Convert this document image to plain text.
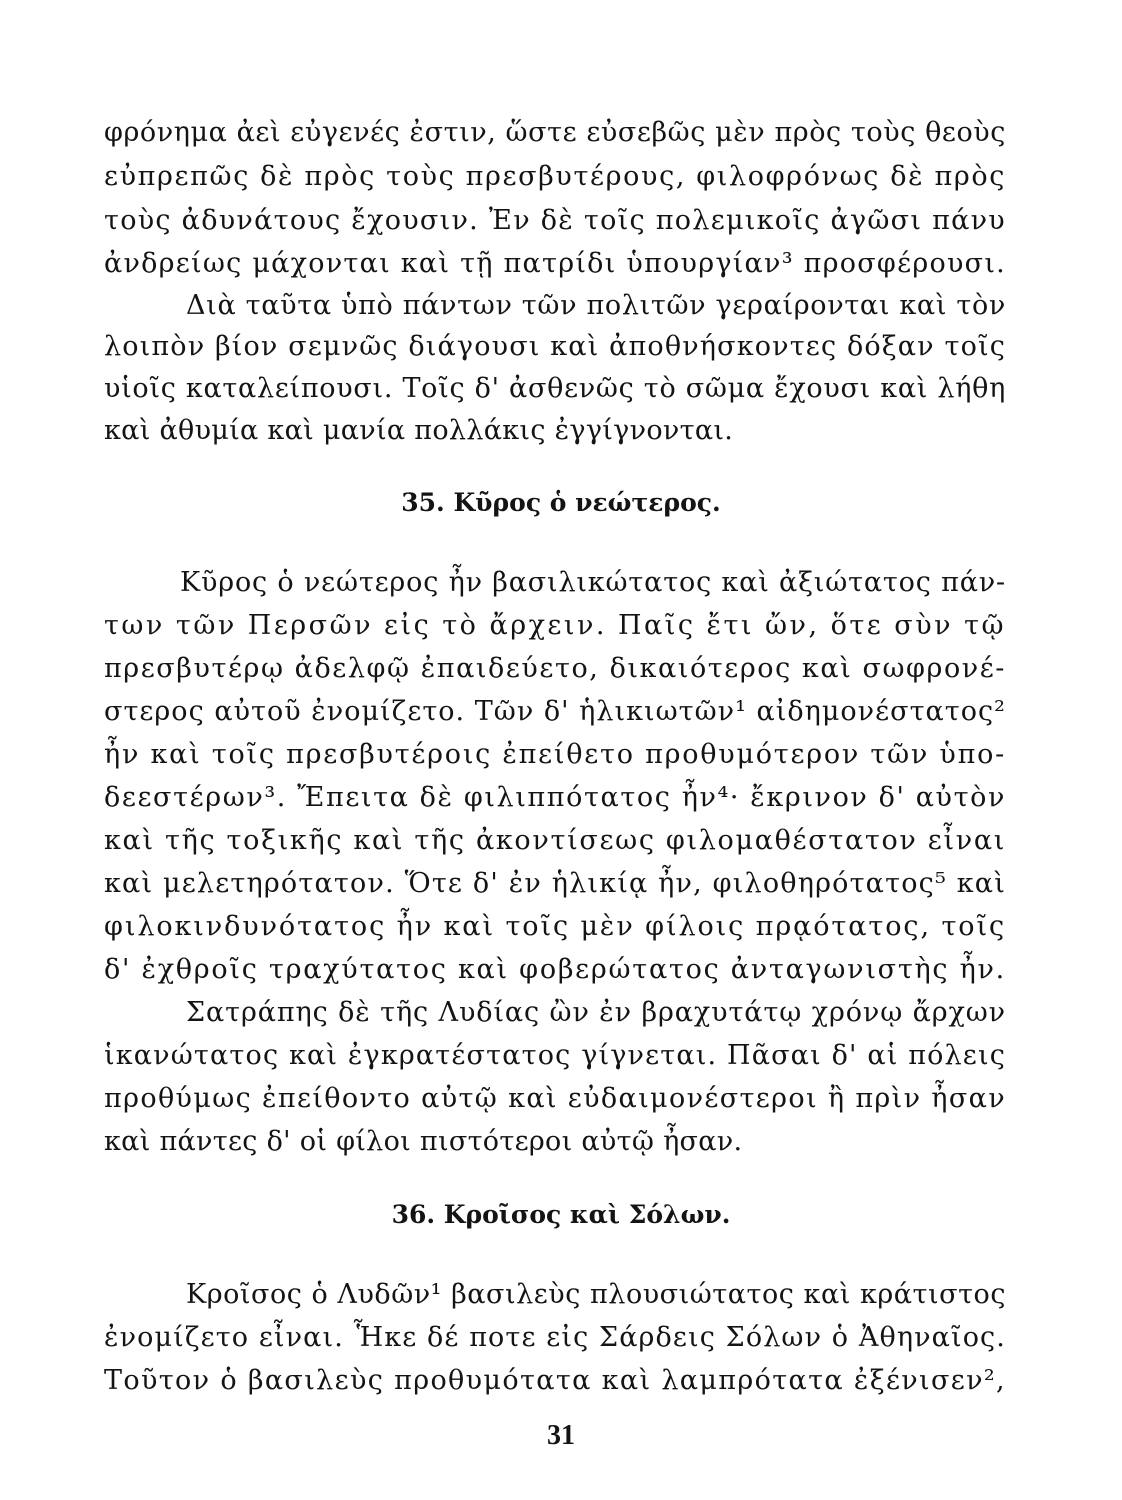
φρόνημα ἀεὶ εὐγενές ἐστιν, ὥστε εὐσεβῶς μὲν πρὸς τοὺς θεοὺς
εὐπρεπῶς δὲ πρὸς τοὺς πρεσβυτέρους, φιλοφρόνως δὲ πρὸς
τοὺς ἀδυνάτους ἔχουσιν. Ἐν δὲ τοῖς πολεμικοῖς ἀγῶσι πάνυ
ἀνδρείως μάχονται καὶ τῇ πατρίδι ὑπουργίαν³ προσφέρουσι.
Διὰ ταῦτα ὑπὸ πάντων τῶν πολιτῶν γεραίρονται καὶ τὸν
λοιπὸν βίον σεμνῶς διάγουσι καὶ ἀποθνήσκοντες δόξαν τοῖς
υἱοῖς καταλείπουσι. Τοῖς δ' ἀσθενῶς τὸ σῶμα ἔχουσι καὶ λήθη
καὶ ἀθυμία καὶ μανία πολλάκις ἐγγίγνονται.
35. Κῦρος ὁ νεώτερος.
Κῦρος ὁ νεώτερος ἦν βασιλικώτατος καὶ ἀξιώτατος πάν-
των τῶν Περσῶν εἰς τὸ ἄρχειν. Παῖς ἔτι ὤν, ὅτε σὺν τῷ
πρεσβυτέρῳ ἀδελφῷ ἐπαιδεύετο, δικαιότερος καὶ σωφρονέ-
στερος αὐτοῦ ἐνομίζετο. Τῶν δ' ἡλικιωτῶν¹ αἰδημονέστατος²
ἦν καὶ τοῖς πρεσβυτέροις ἐπείθετο προθυμότερον τῶν ὑπο-
δεεστέρων³. Ἔπειτα δὲ φιλιππότατος ἦν⁴· ἔκρινον δ' αὐτὸν
καὶ τῆς τοξικῆς καὶ τῆς ἀκοντίσεως φιλομαθέστατον εἶναι
καὶ μελετηρότατον. Ὅτε δ' ἐν ἡλικίᾳ ἦν, φιλοθηρότατος⁵ καὶ
φιλοκινδυνότατος ἦν καὶ τοῖς μὲν φίλοις πρᾳότατος, τοῖς
δ' ἐχθροῖς τραχύτατος καὶ φοβερώτατος ἀνταγωνιστὴς ἦν.
Σατράπης δὲ τῆς Λυδίας ὢν ἐν βραχυτάτῳ χρόνῳ ἄρχων
ἱκανώτατος καὶ ἐγκρατέστατος γίγνεται. Πᾶσαι δ' αἱ πόλεις
προθύμως ἐπείθοντο αὐτῷ καὶ εὐδαιμονέστεροι ἢ πρὶν ἦσαν
καὶ πάντες δ' οἱ φίλοι πιστότεροι αὐτῷ ἦσαν.
36. Κροῖσος καὶ Σόλων.
Κροῖσος ὁ Λυδῶν¹ βασιλεὺς πλουσιώτατος καὶ κράτιστος
ἐνομίζετο εἶναι. Ἧκε δέ ποτε εἰς Σάρδεις Σόλων ὁ Ἀθηναῖος.
Τοῦτον ὁ βασιλεὺς προθυμότατα καὶ λαμπρότατα ἐξένισεν²,
31
